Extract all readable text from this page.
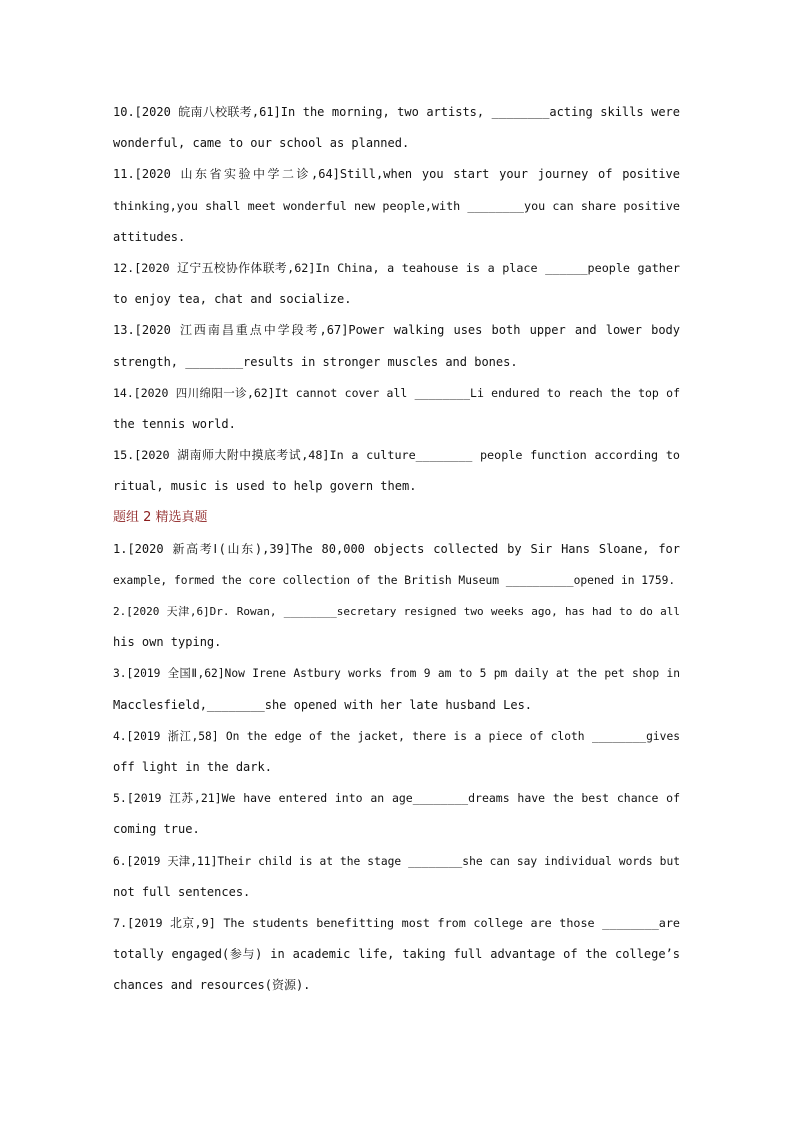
10.[2020 皖南八校联考,61]In the morning, two artists, ________acting skills were
wonderful, came to our school as planned.
11.[2020 山东省实验中学二诊,64]Still,when you start your journey of positive
thinking,you shall meet wonderful new people,with ________you can share positive
attitudes.
12.[2020 辽宁五校协作体联考,62]In China, a teahouse is a place ______people gather
to enjoy tea, chat and socialize.
13.[2020 江西南昌重点中学段考,67]Power walking uses both upper and lower body
strength, ________results in stronger muscles and bones.
14.[2020 四川绵阳一诊,62]It cannot cover all ________Li endured to reach the top of
the tennis world.
15.[2020 湖南师大附中摸底考试,48]In a culture________ people function according to
ritual, music is used to help govern them.
题组 2 精选真题
1.[2020 新高考Ⅰ(山东),39]The 80,000 objects collected by Sir Hans Sloane, for
example, formed the core collection of the British Museum __________opened in 1759.
2.[2020 天津,6]Dr. Rowan, ________secretary resigned two weeks ago, has had to do all
his own typing.
3.[2019 全国Ⅱ,62]Now Irene Astbury works from 9 am to 5 pm daily at the pet shop in
Macclesfield,________she opened with her late husband Les.
4.[2019 浙江,58] On the edge of the jacket, there is a piece of cloth ________gives
off light in the dark.
5.[2019 江苏,21]We have entered into an age________dreams have the best chance of
coming true.
6.[2019 天津,11]Their child is at the stage ________she can say individual words but
not full sentences.
7.[2019 北京,9] The students benefitting most from college are those ________are
totally engaged(参与) in academic life, taking full advantage of the college’s
chances and resources(资源).
